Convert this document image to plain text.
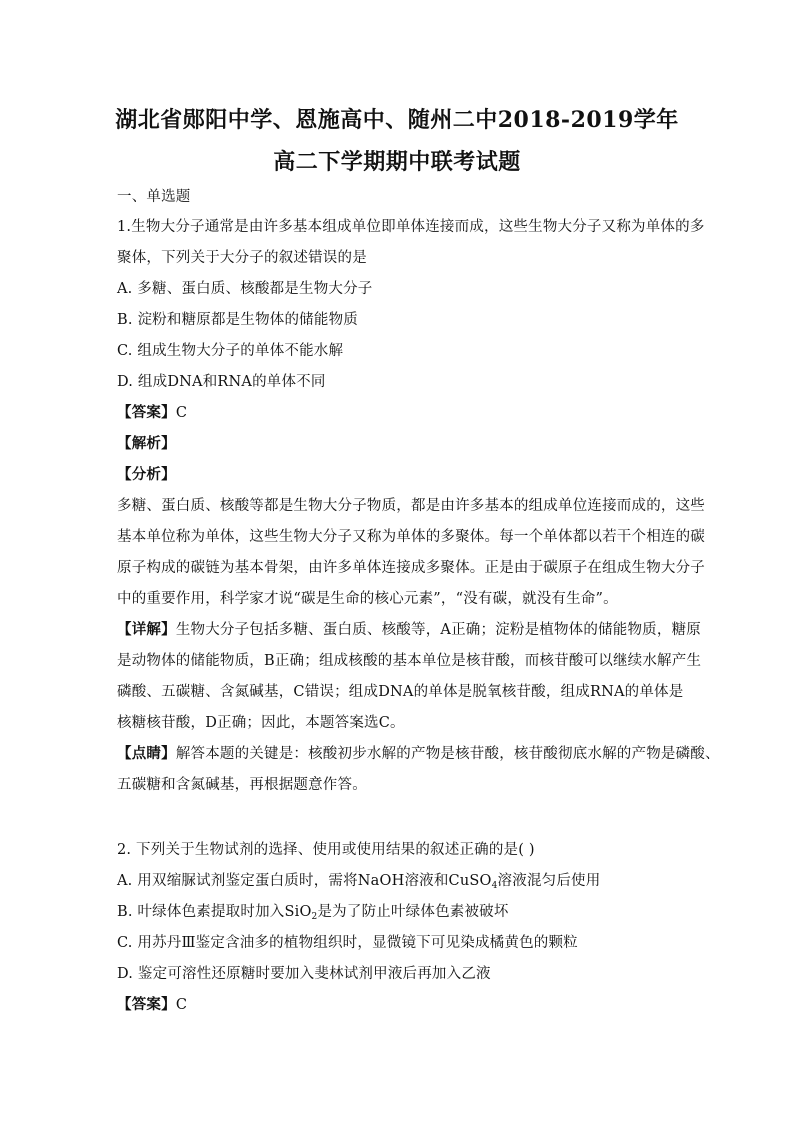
湖北省郧阳中学、恩施高中、随州二中2018-2019学年
高二下学期期中联考试题
一、单选题
1.生物大分子通常是由许多基本组成单位即单体连接而成，这些生物大分子又称为单体的多
聚体，下列关于大分子的叙述错误的是
A. 多糖、蛋白质、核酸都是生物大分子
B. 淀粉和糖原都是生物体的储能物质
C. 组成生物大分子的单体不能水解
D. 组成DNA和RNA的单体不同
【答案】C
【解析】
【分析】
多糖、蛋白质、核酸等都是生物大分子物质，都是由许多基本的组成单位连接而成的，这些
基本单位称为单体，这些生物大分子又称为单体的多聚体。每一个单体都以若干个相连的碳
原子构成的碳链为基本骨架，由许多单体连接成多聚体。正是由于碳原子在组成生物大分子
中的重要作用，科学家才说“碳是生命的核心元素”，“没有碳，就没有生命”。
【详解】生物大分子包括多糖、蛋白质、核酸等，A正确；淀粉是植物体的储能物质，糖原
是动物体的储能物质，B正确；组成核酸的基本单位是核苷酸，而核苷酸可以继续水解产生
磷酸、五碳糖、含氮碱基，C错误；组成DNA的单体是脱氧核苷酸，组成RNA的单体是
核糖核苷酸，D正确；因此，本题答案选C。
【点睛】解答本题的关键是：核酸初步水解的产物是核苷酸，核苷酸彻底水解的产物是磷酸、
五碳糖和含氮碱基，再根据题意作答。
2. 下列关于生物试剂的选择、使用或使用结果的叙述正确的是( )
A. 用双缩脲试剂鉴定蛋白质时，需将NaOH溶液和CuSO$_4$溶液混匀后使用
B. 叶绿体色素提取时加入SiO$_2$是为了防止叶绿体色素被破坏
C. 用苏丹Ⅲ鉴定含油多的植物组织时，显微镜下可见染成橘黄色的颗粒
D. 鉴定可溶性还原糖时要加入斐林试剂甲液后再加入乙液
【答案】C
